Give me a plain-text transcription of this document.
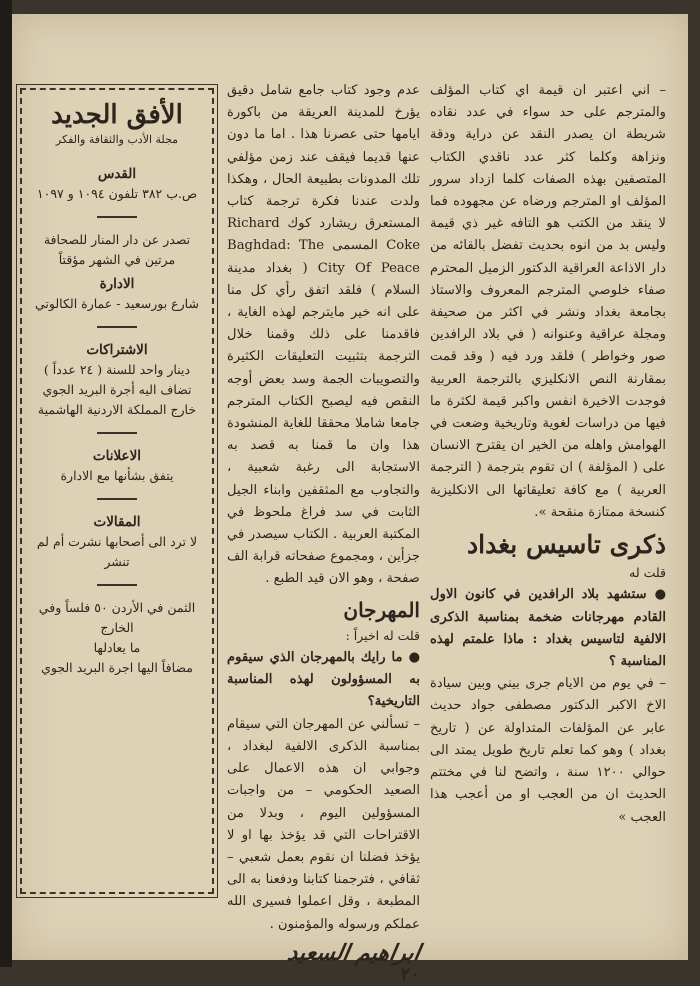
– اني اعتبر ان قيمة اي كتاب المؤلف والمترجم على حد سواء في عدد نقاده شريطة ان يصدر النقد عن دراية ودقة ونزاهة وكلما كثر عدد ناقدي الكتاب المتصفين بهذه الصفات كلما ازداد سرور المؤلف او المترجم ورضاه عن مجهوده فما لا ينقد من الكتب هو التافه غير ذي قيمة وليس بد من انوه بحديث تفضل بالقائه من دار الاذاعة العراقية الدكتور الزميل المحترم صفاء خلوصي المترجم المعروف والاستاذ بجامعة بغداد ونشر في اكثر من صحيفة ومجلة عراقية وعنوانه ( في بلاد الرافدين صور وخواطر ) فلقد ورد فيه ( وقد قمت بمقارنة النص الانكليزي بالترجمة العربية فوجدت الاخيرة انفس واكبر قيمة لكثرة ما فيها من دراسات لغوية وتاريخية وضعت في الهوامش واهله من الخير ان يقترح الانسان على ( المؤلفة ) ان تقوم بترجمة ( الترجمة العربية ) مع كافة تعليقاتها الى الانكليزية كنسخة ممتازة منقحة ».

ذكرى تاسيس بغداد

قلت له

● ستشهد بلاد الرافدين في كانون الاول القادم مهرجانات ضخمة بمناسبة الذكرى الالفية لتاسيس بغداد : ماذا علمتم لهذه المناسبة ؟

– في يوم من الايام جرى بيني وبين سيادة الاخ الاكبر الدكتور مصطفى جواد حديث عابر عن المؤلفات المتداولة عن ( تاريخ بغداد ) وهو كما تعلم تاريخ طويل يمتد الى حوالي ١٢٠٠ سنة ، واتضح لنا في مختتم الحديث ان من العجب او من أعجب هذا العجب »

عدم وجود كتاب جامع شامل دقيق يؤرخ للمدينة العريقة من باكورة ايامها حتى عصرنا هذا . اما ما دون عنها قديما فيقف عند زمن مؤلفي تلك المدونات بطبيعة الحال ، وهكذا ولدت عندنا فكرة ترجمة كتاب المستعرق ريشارد كوك Richard Coke المسمى Baghdad: The City Of Peace ( بغداد مدينة السلام ) فلقد اتفق رأي كل منا على انه خير مايترجم لهذه الغاية ، فاقدمنا على ذلك وقمنا خلال الترجمة بتثبيت التعليقات الكثيرة والتصويبات الجمة وسد بعض أوجه النقص فيه ليصبح الكتاب المترجم جامعا شاملا محققا للغاية المنشودة هذا وان ما قمنا به قصد به الاستجابة الى رغبة شعبية ، والتجاوب مع المثقفين وابناء الجيل الثابت في سد فراغ ملحوظ في المكتبة العربية . الكتاب سيصدر في جزأين ، ومجموع صفحاته قرابة الف صفحة ، وهو الان قيد الطبع .

المهرجان

قلت له اخيراً :

● ما رايك بالمهرجان الذي سيقوم به المسؤولون لهذه المناسبة التاريخية؟

– تسألني عن المهرجان التي سيقام بمناسبة الذكرى الالفية لبغداد ، وجوابي ان هذه الاعمال على الصعيد الحكومي – من واجبات المسؤولين اليوم ، وبدلا من الاقتراحات التي قد يؤخذ بها او لا يؤخذ فضلنا ان نقوم بعمل شعبي – ثقافي ، فترجمنا كتابنا ودفعنا به الى المطبعة ، وقل اعملوا فسيرى الله عملكم ورسوله والمؤمنون .

ابراهيم السعيد
٢٠
الأفق الجديد
مجلة الأدب والثقافة والفكر
القدس
ص.ب ٣٨٢ تلفون ١٠٩٤ و ١٠٩٧
تصدر عن دار المنار للصحافة
مرتين في الشهر مؤقتاً
الادارة
شارع بورسعيد - عمارة الكالوتي
الاشتراكات
دينار واحد للسنة ( ٢٤ عدداً )
تضاف اليه أجرة البريد الجوي
خارج المملكة الاردنية الهاشمية
الاعلانات
يتفق بشأنها مع الادارة
المقالات
لا ترد الى أصحابها نشرت أم لم تنشر
الثمن في الأردن ٥٠ فلساً وفي الخارج
ما يعادلها
مضافاً اليها اجرة البريد الجوي
